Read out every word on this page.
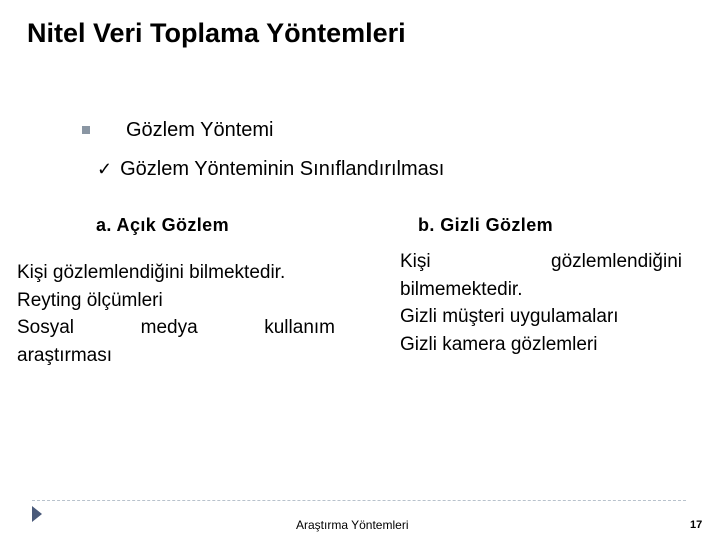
Nitel Veri Toplama Yöntemleri
Gözlem Yöntemi
✓ Gözlem Yönteminin Sınıflandırılması
a. Açık Gözlem	b. Gizli Gözlem
Kişi gözlemlendiğini bilmektedir.
Reyting ölçümleri
Sosyal medya kullanım
araştırması
Kişi gözlemlendiğini
bilmemektedir.
Gizli müşteri uygulamaları
Gizli kamera gözlemleri
Araştırma Yöntemleri	17
